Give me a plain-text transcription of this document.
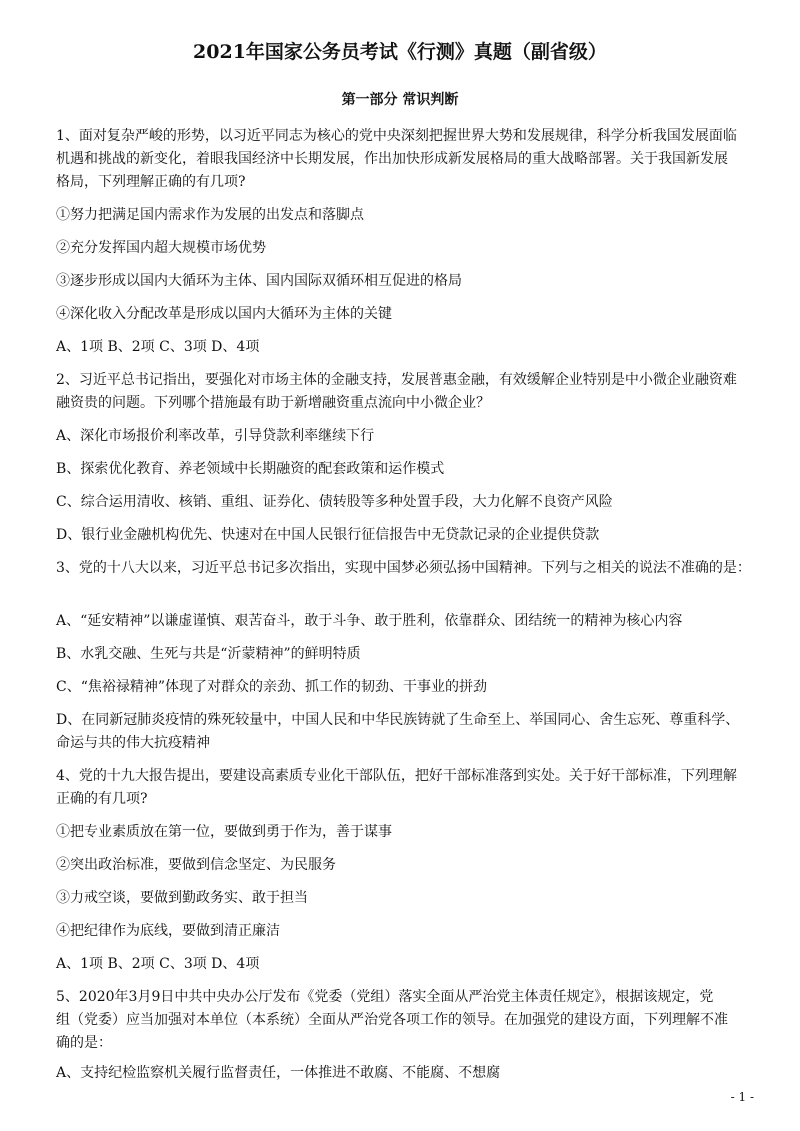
2021年国家公务员考试《行测》真题（副省级）
第一部分 常识判断
1、面对复杂严峻的形势，以习近平同志为核心的党中央深刻把握世界大势和发展规律，科学分析我国发展面临
机遇和挑战的新变化，着眼我国经济中长期发展，作出加快形成新发展格局的重大战略部署。关于我国新发展
格局，下列理解正确的有几项?
①努力把满足国内需求作为发展的出发点和落脚点
②充分发挥国内超大规模市场优势
③逐步形成以国内大循环为主体、国内国际双循环相互促进的格局
④深化收入分配改革是形成以国内大循环为主体的关键
A、1项 B、2项 C、3项 D、4项
2、习近平总书记指出，要强化对市场主体的金融支持，发展普惠金融，有效缓解企业特别是中小微企业融资难
融资贵的问题。下列哪个措施最有助于新增融资重点流向中小微企业？
A、深化市场报价利率改革，引导贷款利率继续下行
B、探索优化教育、养老领域中长期融资的配套政策和运作模式
C、综合运用清收、核销、重组、证券化、债转股等多种处置手段，大力化解不良资产风险
D、银行业金融机构优先、快速对在中国人民银行征信报告中无贷款记录的企业提供贷款
3、党的十八大以来，习近平总书记多次指出，实现中国梦必须弘扬中国精神。下列与之相关的说法不准确的是：
A、“延安精神”以谦虚谨慎、艰苦奋斗，敢于斗争、敢于胜利，依靠群众、团结统一的精神为核心内容
B、水乳交融、生死与共是“沂蒙精神”的鲜明特质
C、“焦裕禄精神”体现了对群众的亲劲、抓工作的韧劲、干事业的拼劲
D、在同新冠肺炎疫情的殊死较量中，中国人民和中华民族铸就了生命至上、举国同心、舍生忘死、尊重科学、
命运与共的伟大抗疫精神
4、党的十九大报告提出，要建设高素质专业化干部队伍，把好干部标准落到实处。关于好干部标准，下列理解
正确的有几项?
①把专业素质放在第一位，要做到勇于作为，善于谋事
②突出政治标准，要做到信念坚定、为民服务
③力戒空谈，要做到勤政务实、敢于担当
④把纪律作为底线，要做到清正廉洁
A、1项 B、2项 C、3项 D、4项
5、2020年3月9日中共中央办公厅发布《党委（党组）落实全面从严治党主体责任规定》，根据该规定，党
组（党委）应当加强对本单位（本系统）全面从严治党各项工作的领导。在加强党的建设方面，下列理解不准
确的是：
A、支持纪检监察机关履行监督责任，一体推进不敢腐、不能腐、不想腐
- 1 -
